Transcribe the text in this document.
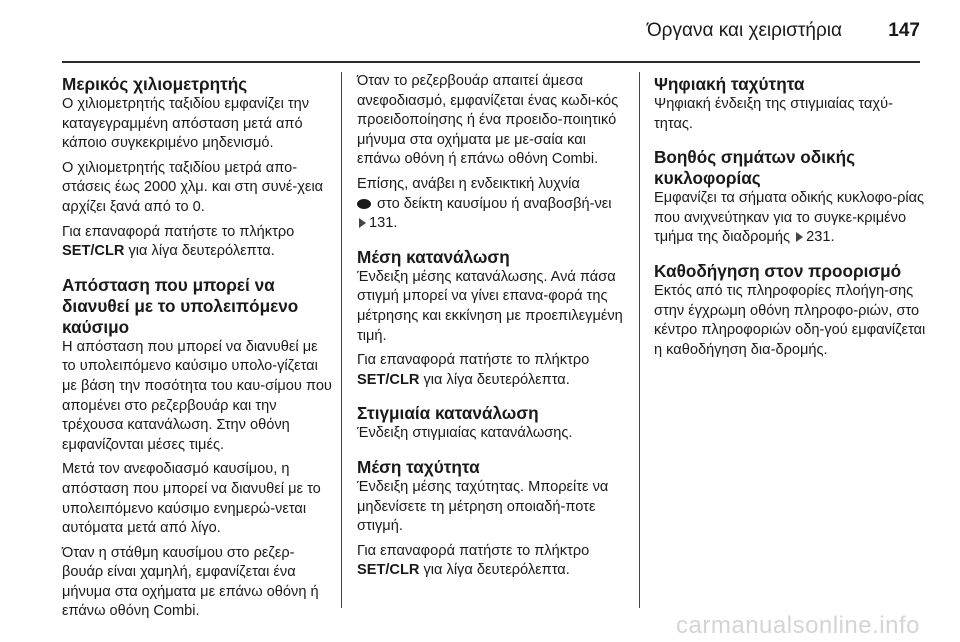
Όργανα και χειριστήρια 147
Μερικός χιλιομετρητής

Ο χιλιομετρητής ταξιδίου εμφανίζει την καταγεγραμμένη απόσταση μετά από κάποιο συγκεκριμένο μηδενισμό.

Ο χιλιομετρητής ταξιδίου μετρά απο‐στάσεις έως 2000 χλμ. και στη συνέ‐χεια αρχίζει ξανά από το 0.

Για επαναφορά πατήστε το πλήκτρο
SET/CLR για λίγα δευτερόλεπτα.

Απόσταση που μπορεί να διανυθεί με το υπολειπόμενο καύσιμο

Η απόσταση που μπορεί να διανυθεί με το υπολειπόμενο καύσιμο υπολο‐γίζεται με βάση την ποσότητα του καυ‐σίμου που απομένει στο ρεζερβουάρ και την τρέχουσα κατανάλωση. Στην οθόνη εμφανίζονται μέσες τιμές.

Μετά τον ανεφοδιασμό καυσίμου, η απόσταση που μπορεί να διανυθεί με το υπολειπόμενο καύσιμο ενημερώ‐νεται αυτόματα μετά από λίγο.

Όταν η στάθμη καυσίμου στο ρεζερ‐βουάρ είναι χαμηλή, εμφανίζεται ένα μήνυμα στα οχήματα με επάνω οθόνη ή επάνω οθόνη Combi.

Όταν το ρεζερβουάρ απαιτεί άμεσα ανεφοδιασμό, εμφανίζεται ένας κωδι‐κός προειδοποίησης ή ένα προειδο‐ποιητικό μήνυμα στα οχήματα με με‐σαία και επάνω οθόνη ή επάνω οθόνη Combi.

Επίσης, ανάβει η ενδεικτική λυχνία
στο δείκτη καυσίμου ή αναβοσβή‐νει 131.

Μέση κατανάλωση

Ένδειξη μέσης κατανάλωσης. Ανά πάσα στιγμή μπορεί να γίνει επανα‐φορά της μέτρησης και εκκίνηση με προεπιλεγμένη τιμή.

Για επαναφορά πατήστε το πλήκτρο
SET/CLR για λίγα δευτερόλεπτα.

Στιγμιαία κατανάλωση

Ένδειξη στιγμιαίας κατανάλωσης.

Μέση ταχύτητα

Ένδειξη μέσης ταχύτητας. Μπορείτε να μηδενίσετε τη μέτρηση οποιαδή‐ποτε στιγμή.

Για επαναφορά πατήστε το πλήκτρο
SET/CLR για λίγα δευτερόλεπτα.

Ψηφιακή ταχύτητα

Ψηφιακή ένδειξη της στιγμιαίας ταχύ‐τητας.

Βοηθός σημάτων οδικής κυκλοφορίας

Εμφανίζει τα σήματα οδικής κυκλοφο‐ρίας που ανιχνεύτηκαν για το συγκε‐κριμένο τμήμα της διαδρομής 231.

Καθοδήγηση στον προορισμό

Εκτός από τις πληροφορίες πλοήγη‐σης στην έγχρωμη οθόνη πληροφο‐ριών, στο κέντρο πληροφοριών οδη‐γού εμφανίζεται η καθοδήγηση δια‐δρομής.

carmanualsonline.info
